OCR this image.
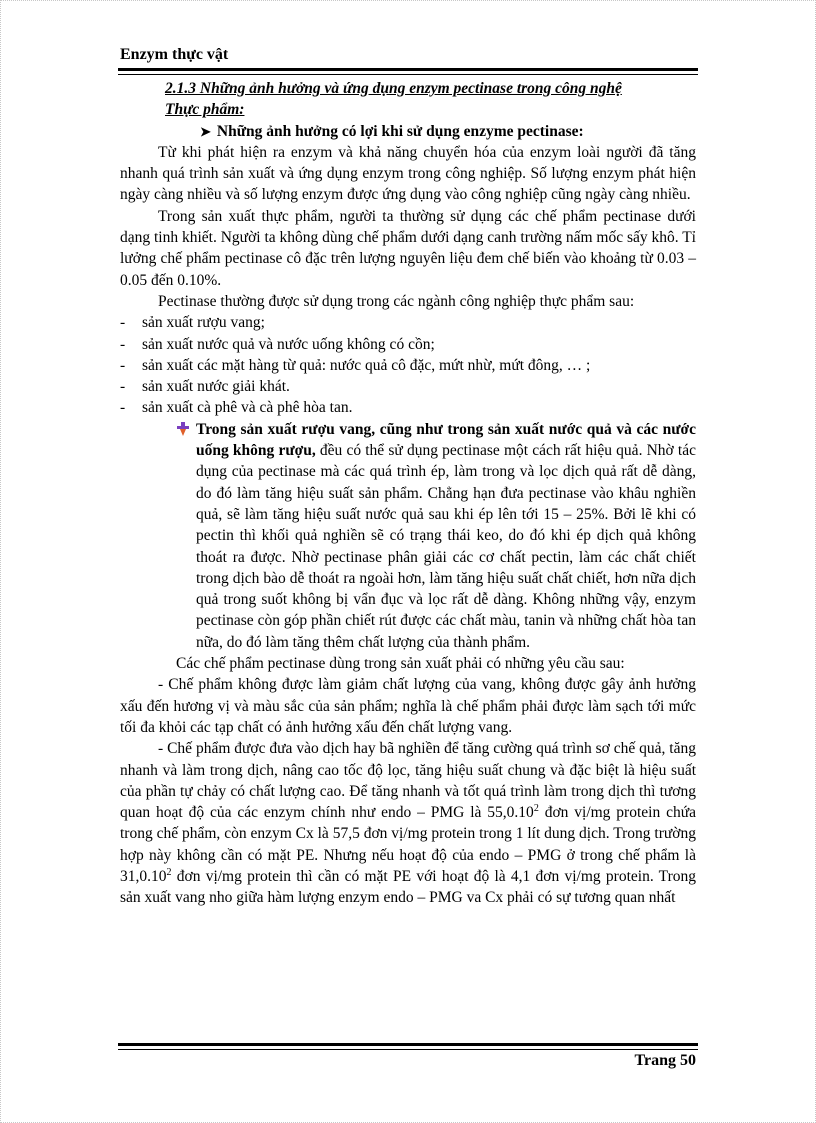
Enzym thực vật
2.1.3 Những ảnh hưởng và ứng dụng enzym pectinase trong công nghệ
Thực phẩm:
➤ Những ảnh hưởng có lợi khi sử dụng enzyme pectinase:

Từ khi phát hiện ra enzym và khả năng chuyển hóa của enzym loài người đã tăng nhanh quá trình sản xuất và ứng dụng enzym trong công nghiệp. Số lượng enzym phát hiện ngày càng nhiều và số lượng enzym được ứng dụng vào công nghiệp cũng ngày càng nhiều.

Trong sản xuất thực phẩm, người ta thường sử dụng các chế phẩm pectinase dưới dạng tinh khiết. Người ta không dùng chế phẩm dưới dạng canh trường nấm mốc sấy khô. Tỉ lưởng chế phẩm pectinase cô đặc trên lượng nguyên liệu đem chế biến vào khoảng từ 0.03 – 0.05 đến 0.10%.

Pectinase thường được sử dụng trong các ngành công nghiệp thực phẩm sau:
- sản xuất rượu vang;
- sản xuất nước quả và nước uống không có cồn;
- sản xuất các mặt hàng từ quả: nước quả cô đặc, mứt nhừ, mứt đông, … ;
- sản xuất nước giải khát.
- sản xuất cà phê và cà phê hòa tan.
Trong sản xuất rượu vang, cũng như trong sản xuất nước quả và các nước uống không rượu, đều có thể sử dụng pectinase một cách rất hiệu quả. Nhờ tác dụng của pectinase mà các quá trình ép, làm trong và lọc dịch quả rất dễ dàng, do đó làm tăng hiệu suất sản phẩm. Chẳng hạn đưa pectinase vào khâu nghiền quả, sẽ làm tăng hiệu suất nước quả sau khi ép lên tới 15 – 25%. Bởi lẽ khi có pectin thì khối quả nghiền sẽ có trạng thái keo, do đó khi ép dịch quả không thoát ra được. Nhờ pectinase phân giải các cơ chất pectin, làm các chất chiết trong dịch bào dễ thoát ra ngoài hơn, làm tăng hiệu suất chất chiết, hơn nữa dịch quả trong suốt không bị vẩn đục và lọc rất dễ dàng. Không những vậy, enzym pectinase còn góp phần chiết rút được các chất màu, tanin và những chất hòa tan nữa, do đó làm tăng thêm chất lượng của thành phẩm.

Các chế phẩm pectinase dùng trong sản xuất phải có những yêu cầu sau:

- Chế phẩm không được làm giảm chất lượng của vang, không được gây ảnh hưởng xấu đến hương vị và màu sắc của sản phẩm; nghĩa là chế phẩm phải được làm sạch tới mức tối đa khỏi các tạp chất có ảnh hưởng xấu đến chất lượng vang.

- Chế phẩm được đưa vào dịch hay bã nghiền để tăng cường quá trình sơ chế quả, tăng nhanh và làm trong dịch, nâng cao tốc độ lọc, tăng hiệu suất chung và đặc biệt là hiệu suất của phần tự chảy có chất lượng cao. Để tăng nhanh và tốt quá trình làm trong dịch thì tương quan hoạt độ của các enzym chính như endo – PMG là 55,0.10$^2$ đơn vị/mg protein chứa trong chế phẩm, còn enzym Cx là 57,5 đơn vị/mg protein trong 1 lít dung dịch. Trong trường hợp này không cần có mặt PE. Nhưng nếu hoạt độ của endo – PMG ở trong chế phẩm là 31,0.10$^2$ đơn vị/mg protein thì cần có mặt PE với hoạt độ là 4,1 đơn vị/mg protein. Trong sản xuất vang nho giữa hàm lượng enzym endo – PMG va Cx phải có sự tương quan nhất

Trang 50
